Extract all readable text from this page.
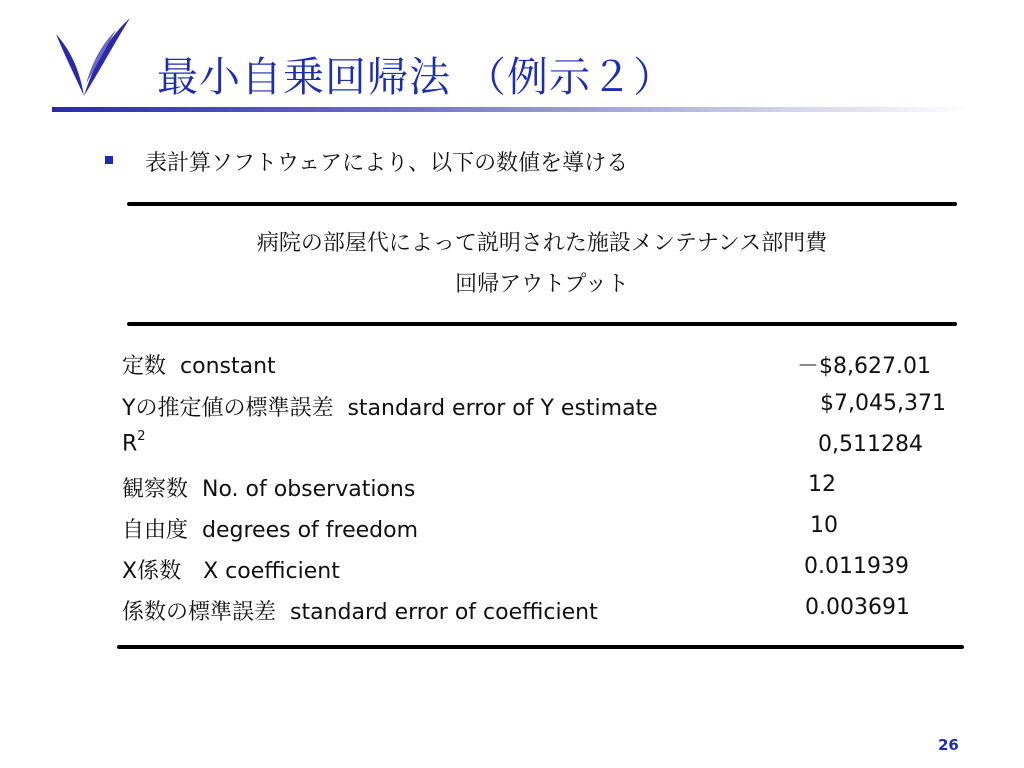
最小自乗回帰法 （例示２）
表計算ソフトウェアにより、以下の数値を導ける
病院の部屋代によって説明された施設メンテナンス部門費
回帰アウトプット
定数 constant	－$8,627.01
Yの推定値の標準誤差 standard error of Y estimate	$7,045,371
$R^2$	0,511284
観察数 No. of observations	12
自由度 degrees of freedom	10
X係数 X coefficient	0.011939
係数の標準誤差 standard error of coefficient	0.003691
26
